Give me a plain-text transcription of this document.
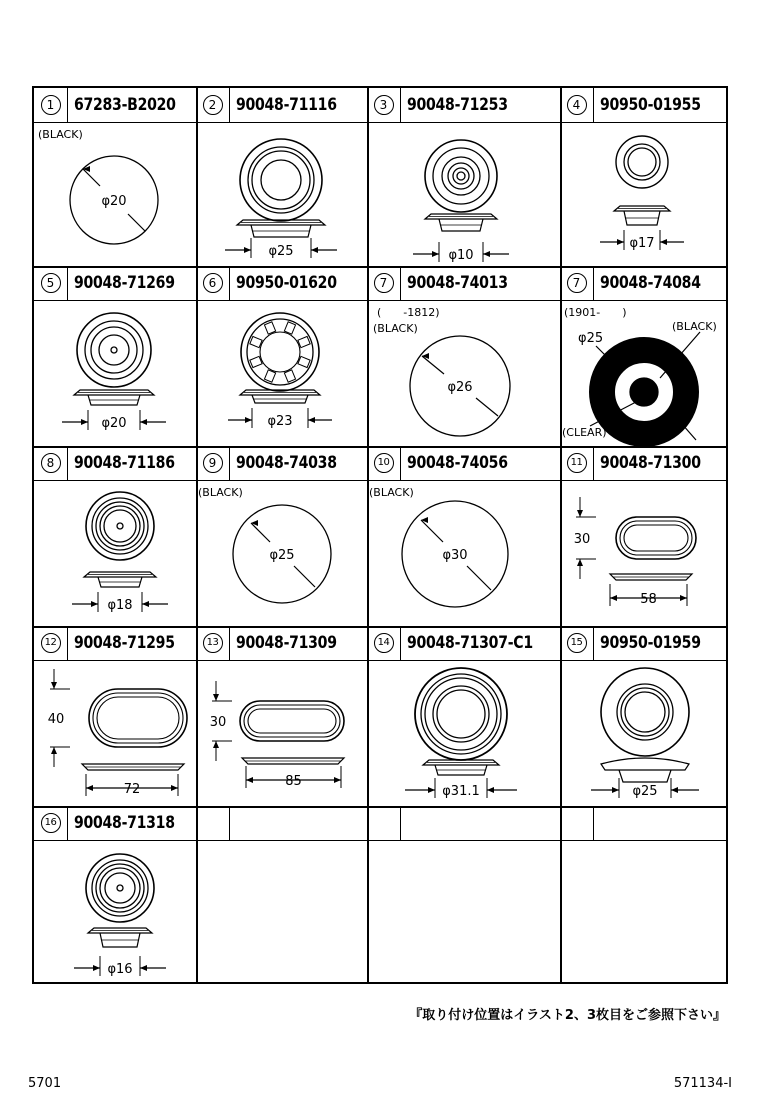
1	67283-B2020
(BLACK)
φ20
2	90048-71116
φ25
3	90048-71253
φ10
4	90950-01955
φ17
5	90048-71269
φ20
6	90950-01620
φ23
7	90048-74013
(　　-1812)
(BLACK)
φ26
7	90048-74084
(1901-　　)
(BLACK)
φ25
(CLEAR)
8	90048-71186
φ18
9	90048-74038
(BLACK)
φ25
10 90048-74056
(BLACK)
φ30
11 90048-71300
30
58
12 90048-71295
40
72
13 90048-71309
30
85
14 90048-71307-C1
φ31.1
15 90950-01959
φ25
16 90048-71318
φ16
『取り付け位置はイラスト2、3枚目をご参照下さい』
5701	571134-I
